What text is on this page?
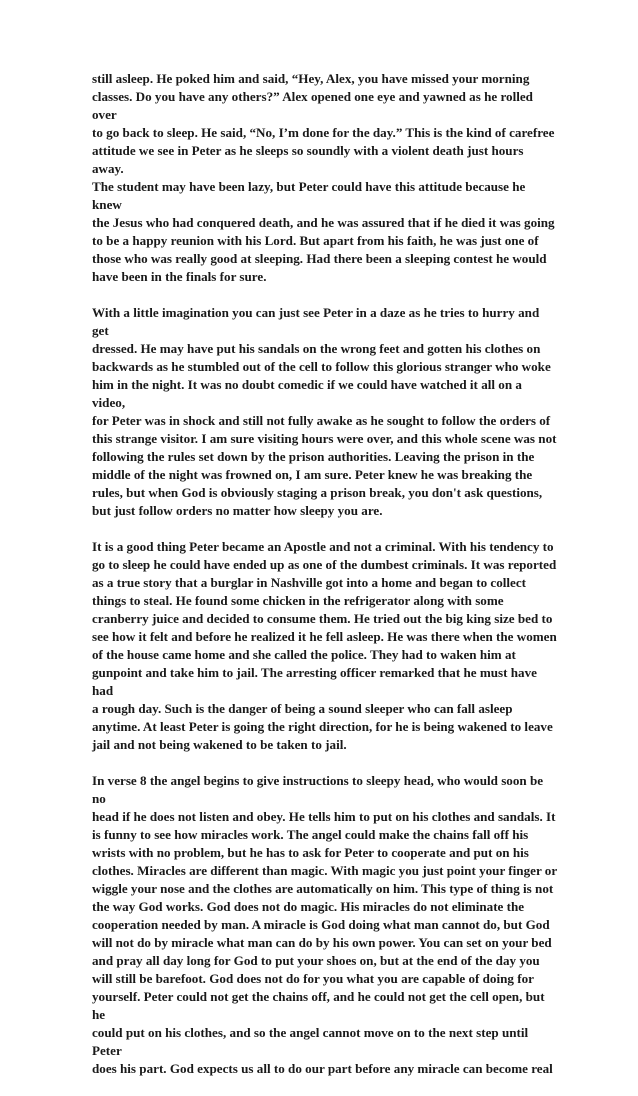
still asleep. He poked him and said, “Hey, Alex, you have missed your morning
classes. Do you have any others?” Alex opened one eye and yawned as he rolled over
to go back to sleep. He said, “No, I’m done for the day.” This is the kind of carefree
attitude we see in Peter as he sleeps so soundly with a violent death just hours away.
The student may have been lazy, but Peter could have this attitude because he knew
the Jesus who had conquered death, and he was assured that if he died it was going
to be a happy reunion with his Lord. But apart from his faith, he was just one of
those who was really good at sleeping. Had there been a sleeping contest he would
have been in the finals for sure.

With a little imagination you can just see Peter in a daze as he tries to hurry and get
dressed. He may have put his sandals on the wrong feet and gotten his clothes on
backwards as he stumbled out of the cell to follow this glorious stranger who woke
him in the night. It was no doubt comedic if we could have watched it all on a video,
for Peter was in shock and still not fully awake as he sought to follow the orders of
this strange visitor. I am sure visiting hours were over, and this whole scene was not
following the rules set down by the prison authorities. Leaving the prison in the
middle of the night was frowned on, I am sure. Peter knew he was breaking the
rules, but when God is obviously staging a prison break, you don't ask questions,
but just follow orders no matter how sleepy you are.

It is a good thing Peter became an Apostle and not a criminal. With his tendency to
go to sleep he could have ended up as one of the dumbest criminals. It was reported
as a true story that a burglar in Nashville got into a home and began to collect
things to steal. He found some chicken in the refrigerator along with some
cranberry juice and decided to consume them. He tried out the big king size bed to
see how it felt and before he realized it he fell asleep. He was there when the women
of the house came home and she called the police. They had to waken him at
gunpoint and take him to jail. The arresting officer remarked that he must have had
a rough day. Such is the danger of being a sound sleeper who can fall asleep
anytime. At least Peter is going the right direction, for he is being wakened to leave
jail and not being wakened to be taken to jail.

In verse 8 the angel begins to give instructions to sleepy head, who would soon be no
head if he does not listen and obey. He tells him to put on his clothes and sandals. It
is funny to see how miracles work. The angel could make the chains fall off his
wrists with no problem, but he has to ask for Peter to cooperate and put on his
clothes. Miracles are different than magic. With magic you just point your finger or
wiggle your nose and the clothes are automatically on him. This type of thing is not
the way God works. God does not do magic. His miracles do not eliminate the
cooperation needed by man. A miracle is God doing what man cannot do, but God
will not do by miracle what man can do by his own power. You can set on your bed
and pray all day long for God to put your shoes on, but at the end of the day you
will still be barefoot. God does not do for you what you are capable of doing for
yourself. Peter could not get the chains off, and he could not get the cell open, but he
could put on his clothes, and so the angel cannot move on to the next step until Peter
does his part. God expects us all to do our part before any miracle can become real
